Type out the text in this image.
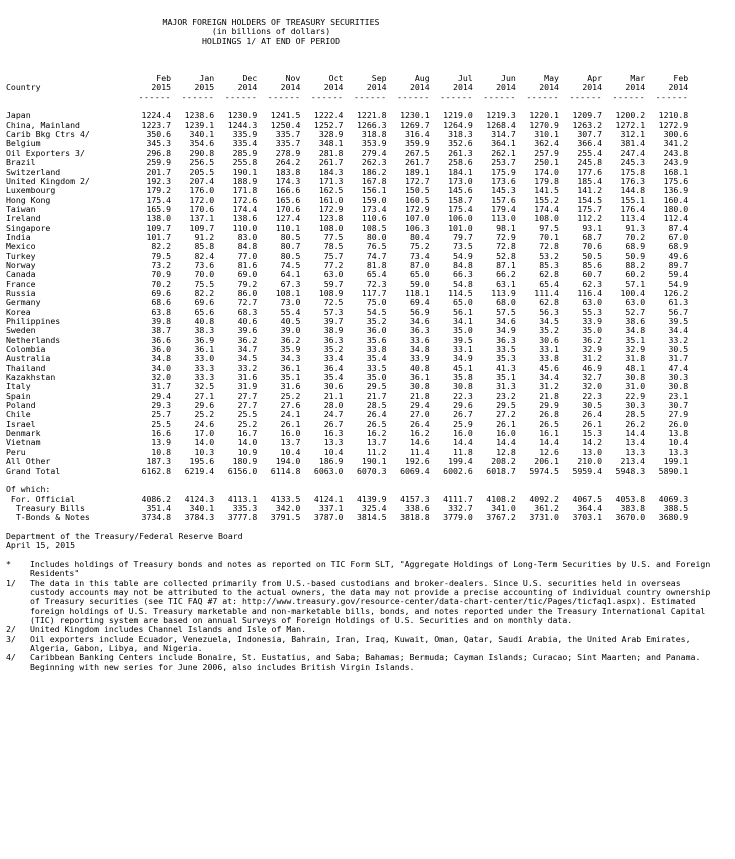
MAJOR FOREIGN HOLDERS OF TREASURY SECURITIES
(in billions of dollars)
HOLDINGS 1/ AT END OF PERIOD
Feb	Jan	Dec	Nov	Oct	Sep	Aug	Jul	Jun	May	Apr	Mar	Feb
Country	2015	2015	2014	2014	2014	2014	2014	2014	2014	2014	2014	2014	2014
------	------	------	------	------	------	------	------	------	------	------	------	------
Japan	1224.4	1238.6	1230.9	1241.5	1222.4	1221.8	1230.1	1219.0	1219.3	1220.1	1209.7	1200.2	1210.8
China, Mainland	1223.7	1239.1	1244.3	1250.4	1252.7	1266.3	1269.7	1264.9	1268.4	1270.9	1263.2	1272.1	1272.9
Carib Bkg Ctrs 4/	350.6	340.1	335.9	335.7	328.9	318.8	316.4	318.3	314.7	310.1	307.7	312.1	300.6
Belgium	345.3	354.6	335.4	335.7	348.1	353.9	359.9	352.6	364.1	362.4	366.4	381.4	341.2
Oil Exporters 3/	296.8	290.8	285.9	278.9	281.8	279.4	267.5	261.3	262.1	257.9	255.4	247.4	243.8
Brazil	259.9	256.5	255.8	264.2	261.7	262.3	261.7	258.6	253.7	250.1	245.8	245.3	243.9
Switzerland	201.7	205.5	190.1	183.8	184.3	186.2	189.1	184.1	175.9	174.0	177.6	175.8	168.1
United Kingdom 2/	192.3	207.4	188.9	174.3	171.3	167.8	172.7	173.0	173.6	179.8	185.4	176.3	175.6
Luxembourg	179.2	176.0	171.8	166.6	162.5	156.1	150.5	145.6	145.3	141.5	141.2	144.8	136.9
Hong Kong	175.4	172.0	172.6	165.6	161.0	159.0	160.5	158.7	157.6	155.2	154.5	155.1	160.4
Taiwan	165.9	170.6	174.4	170.6	172.9	173.4	172.9	175.4	179.4	174.4	175.7	176.4	180.0
Ireland	138.0	137.1	138.6	127.4	123.8	110.6	107.0	106.0	113.0	108.0	112.2	113.4	112.4
Singapore	109.7	109.7	110.0	110.1	108.0	108.5	106.3	101.0	98.1	97.5	93.1	91.3	87.4
India	101.7	91.2	83.0	80.5	77.5	80.0	80.4	79.7	72.9	70.1	68.7	70.2	67.0
Mexico	82.2	85.8	84.8	80.7	78.5	76.5	75.2	73.5	72.8	72.8	70.6	68.9	68.9
Turkey	79.5	82.4	77.0	80.5	75.7	74.7	73.4	54.9	52.8	53.2	50.5	50.9	49.6
Norway	73.2	73.6	81.6	74.5	77.2	81.8	87.0	84.8	87.1	85.3	85.6	88.2	89.7
Canada	70.9	70.0	69.0	64.1	63.0	65.4	65.0	66.3	66.2	62.8	60.7	60.2	59.4
France	70.2	75.5	79.2	67.3	59.7	72.3	59.0	54.8	63.1	65.4	62.3	57.1	54.9
Russia	69.6	82.2	86.0	108.1	108.9	117.7	118.1	114.5	113.9	111.4	116.4	100.4	126.2
Germany	68.6	69.6	72.7	73.0	72.5	75.0	69.4	65.0	68.0	62.8	63.0	63.0	61.3
Korea	63.8	65.6	68.3	55.4	57.3	54.5	56.9	56.1	57.5	56.3	55.3	52.7	56.7
Philippines	39.8	40.8	40.6	40.5	39.7	35.2	34.6	34.1	34.6	34.5	33.9	38.6	39.5
Sweden	38.7	38.3	39.6	39.0	38.9	36.0	36.3	35.0	34.9	35.2	35.0	34.8	34.4
Netherlands	36.6	36.9	36.2	36.2	36.3	35.6	33.6	39.5	36.3	30.6	36.2	35.1	33.2
Colombia	36.0	36.1	34.7	35.9	35.2	33.8	34.8	33.1	33.5	33.1	32.9	32.9	30.5
Australia	34.8	33.0	34.5	34.3	33.4	35.4	33.9	34.9	35.3	33.8	31.2	31.8	31.7
Thailand	34.0	33.3	33.2	36.1	36.4	33.5	40.8	45.1	41.3	45.6	46.9	48.1	47.4
Kazakhstan	32.0	33.3	31.6	35.1	35.4	35.0	36.1	35.8	35.1	34.4	32.7	30.8	30.3
Italy	31.7	32.5	31.9	31.6	30.6	29.5	30.8	30.8	31.3	31.2	32.0	31.0	30.8
Spain	29.4	27.1	27.7	25.2	21.1	21.7	21.8	22.3	23.2	21.8	22.3	22.9	23.1
Poland	29.3	29.6	27.7	27.6	28.0	28.5	29.4	29.6	29.5	29.9	30.5	30.3	30.7
Chile	25.7	25.2	25.5	24.1	24.7	26.4	27.0	26.7	27.2	26.8	26.4	28.5	27.9
Israel	25.5	24.6	25.2	26.1	26.7	26.5	26.4	25.9	26.1	26.5	26.1	26.2	26.0
Denmark	16.6	17.0	16.7	16.0	16.3	16.2	16.2	16.0	16.0	16.1	15.3	14.4	13.8
Vietnam	13.9	14.0	14.0	13.7	13.3	13.7	14.6	14.4	14.4	14.4	14.2	13.4	10.4
Peru	10.8	10.3	10.9	10.4	10.4	11.2	11.4	11.8	12.8	12.6	13.0	13.3	13.3
All Other	187.3	195.6	180.9	194.0	186.9	190.1	192.6	199.4	208.2	206.1	210.0	213.4	199.1
Grand Total	6162.8	6219.4	6156.0	6114.8	6063.0	6070.3	6069.4	6002.6	6018.7	5974.5	5959.4	5948.3	5890.1
Of which:
For. Official	4086.2	4124.3	4113.1	4133.5	4124.1	4139.9	4157.3	4111.7	4108.2	4092.2	4067.5	4053.8	4069.3
Treasury Bills	351.4	340.1	335.3	342.0	337.1	325.4	338.6	332.7	341.0	361.2	364.4	383.8	388.5
T-Bonds & Notes	3734.8	3784.3	3777.8	3791.5	3787.0	3814.5	3818.8	3779.0	3767.2	3731.0	3703.1	3670.0	3680.9
Department of the Treasury/Federal Reserve Board
April 15, 2015
*	Includes holdings of Treasury bonds and notes as reported on TIC Form SLT, "Aggregate Holdings of Long-Term Securities by U.S. and Foreign Residents"
1/	The data in this table are collected primarily from U.S.-based custodians and broker-dealers. Since U.S. securities held in overseas custody accounts may not be attributed to the actual owners, the data may not provide a precise accounting of individual country ownership of Treasury securities (see TIC FAQ #7 at: http://www.treasury.gov/resource-center/data-chart-center/tic/Pages/ticfaq1.aspx). Estimated foreign holdings of U.S. Treasury marketable and non-marketable bills, bonds, and notes reported under the Treasury International Capital (TIC) reporting system are based on annual Surveys of Foreign Holdings of U.S. Securities and on monthly data.
2/	United Kingdom includes Channel Islands and Isle of Man.
3/	Oil exporters include Ecuador, Venezuela, Indonesia, Bahrain, Iran, Iraq, Kuwait, Oman, Qatar, Saudi Arabia, the United Arab Emirates, Algeria, Gabon, Libya, and Nigeria.
4/	Caribbean Banking Centers include Bonaire, St. Eustatius, and Saba; Bahamas; Bermuda; Cayman Islands; Curacao; Sint Maarten; and Panama. Beginning with new series for June 2006, also includes British Virgin Islands.
